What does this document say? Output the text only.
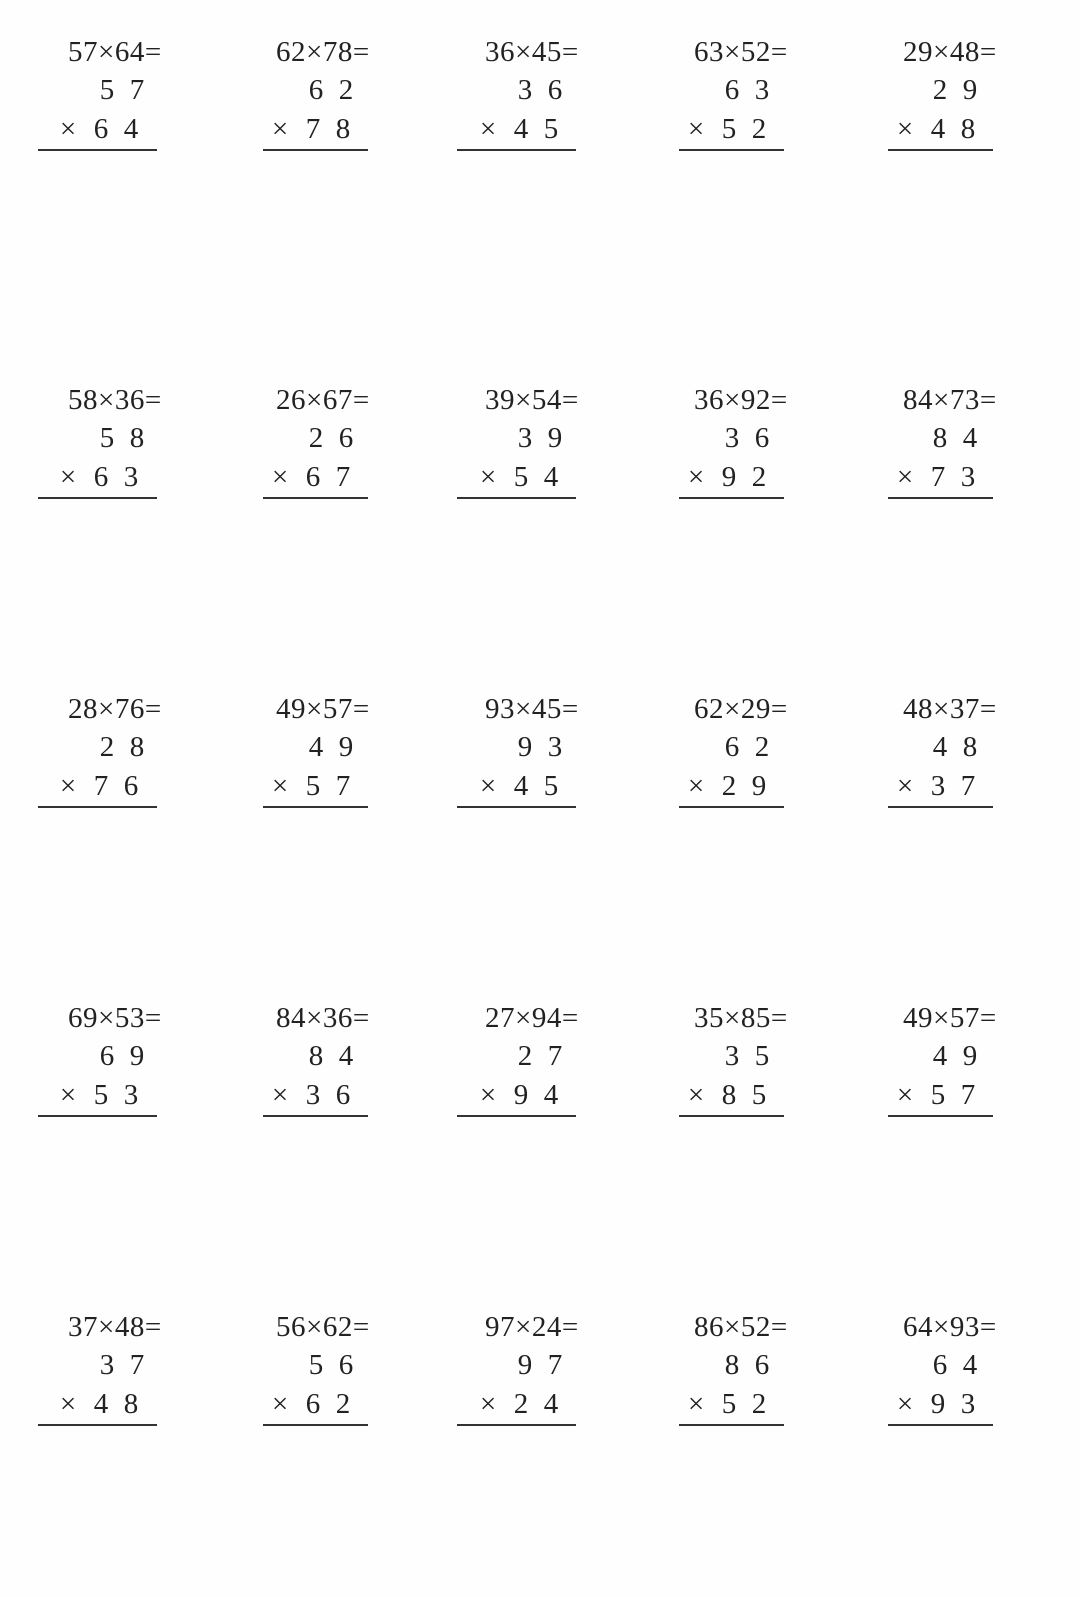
57×64=
5 7
× 6 4
62×78=
6 2
× 7 8
36×45=
3 6
× 4 5
63×52=
6 3
× 5 2
29×48=
2 9
× 4 8
58×36=
5 8
× 6 3
26×67=
2 6
× 6 7
39×54=
3 9
× 5 4
36×92=
3 6
× 9 2
84×73=
8 4
× 7 3
28×76=
2 8
× 7 6
49×57=
4 9
× 5 7
93×45=
9 3
× 4 5
62×29=
6 2
× 2 9
48×37=
4 8
× 3 7
69×53=
6 9
× 5 3
84×36=
8 4
× 3 6
27×94=
2 7
× 9 4
35×85=
3 5
× 8 5
49×57=
4 9
× 5 7
37×48=
3 7
× 4 8
56×62=
5 6
× 6 2
97×24=
9 7
× 2 4
86×52=
8 6
× 5 2
64×93=
6 4
× 9 3
